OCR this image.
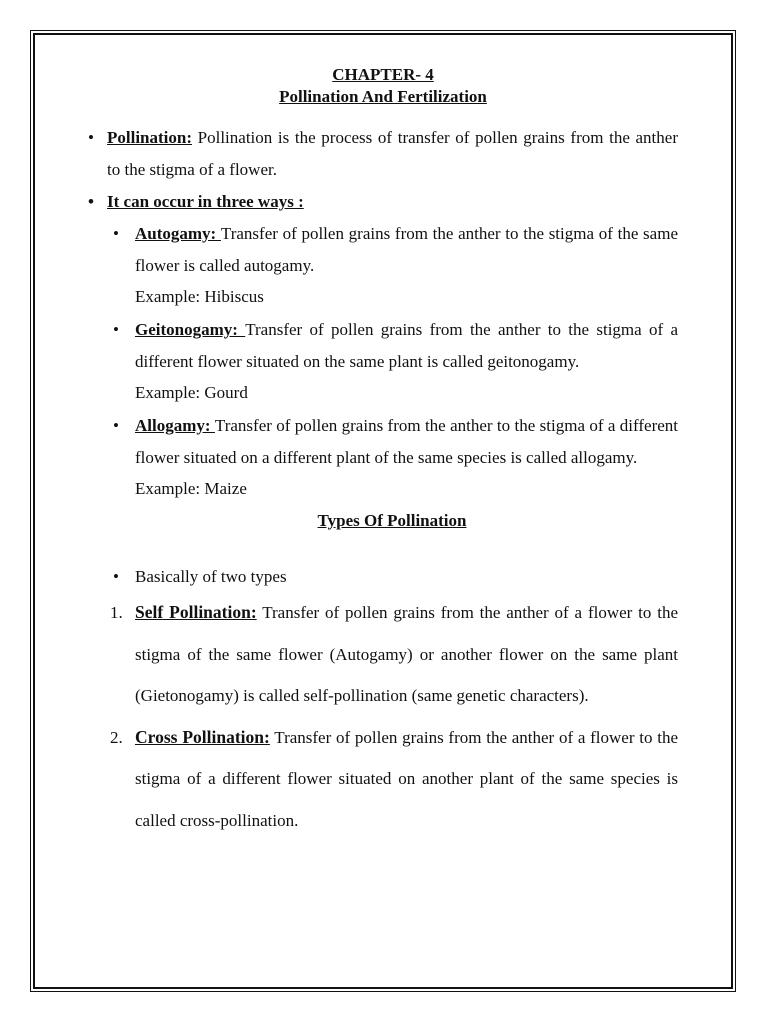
CHAPTER- 4
Pollination And Fertilization
• Pollination: Pollination is the process of transfer of pollen grains from the anther to the stigma of a flower.
• It can occur in three ways :
• Autogamy: Transfer of pollen grains from the anther to the stigma of the same flower is called autogamy.
Example: Hibiscus
• Geitonogamy: Transfer of pollen grains from the anther to the stigma of a different flower situated on the same plant is called geitonogamy.
Example: Gourd
• Allogamy: Transfer of pollen grains from the anther to the stigma of a different flower situated on a different plant of the same species is called allogamy.
Example: Maize
Types Of Pollination
• Basically of two types
1. Self Pollination: Transfer of pollen grains from the anther of a flower to the stigma of the same flower (Autogamy) or another flower on the same plant (Gietonogamy) is called self-pollination (same genetic characters).
2. Cross Pollination: Transfer of pollen grains from the anther of a flower to the stigma of a different flower situated on another plant of the same species is called cross-pollination.
